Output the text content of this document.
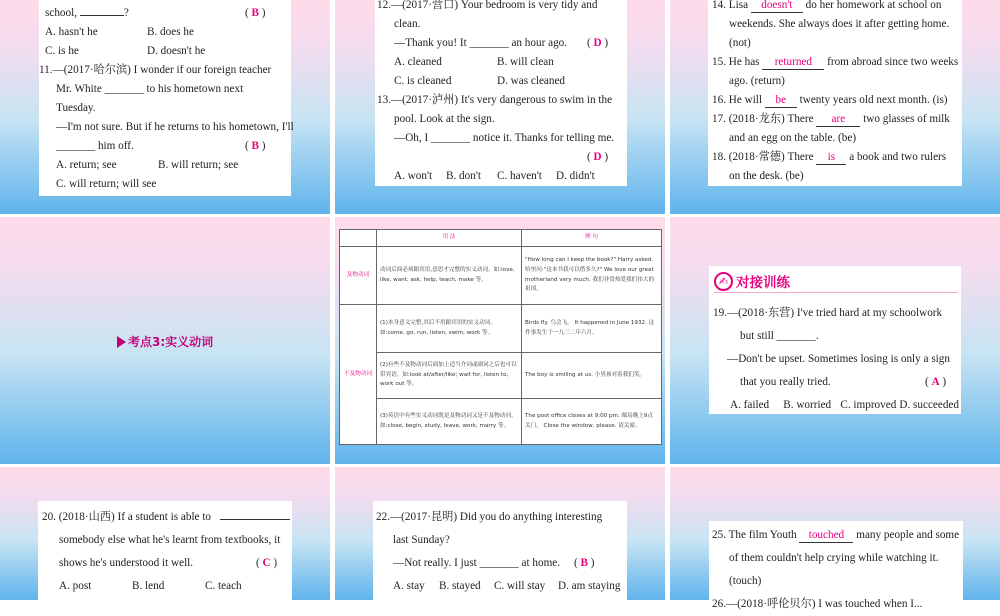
school,	?	( B )

A. hasn't he	B. does he

C. is he	D. doesn't he

11.—(2017·哈尔滨) I wonder if our foreign teacher

Mr. White _______ to his hometown next

Tuesday.

—I'm not sure. But if he returns to his hometown, I'll

_______ him off.	( B )

A. return; see	B. will return; see

C. will return; will see

12.—(2017·营口) Your bedroom is very tidy and

clean.

—Thank you! It _______ an hour ago. ( D )

A. cleaned	B. will clean

C. is cleaned	D. was cleaned

13.—(2017·泸州) It's very dangerous to swim in the

pool. Look at the sign.

—Oh, I _______ notice it. Thanks for telling me.

( D )

A. won't	B. don't	C. haven't	D. didn't

14. Lisa doesn't do her homework at school on

weekends. She always does it after getting home.

(not)

15. He has returned from abroad since two weeks

ago. (return)

16. He will be twenty years old next month. (is)

17. (2018·龙东) There are two glasses of milk

and an egg on the table. (be)

18. (2018·常德) There is a book and two rulers

on the desk. (be)

考点3:实义动词
	用 法	例 句
及物动词	动词后面必须跟宾语,意思才完整的实义动词。如:love, like, want, ask, help, teach, make 等。	"How long can I keep the book?" Harry asked. 哈里问:"这本书我可以借多久?" We love our great motherland very much. 我们非常热爱我们伟大的祖国。
不及物动词	(1)本身意义完整,其后不用跟宾语的实义动词。如:come, go, run, listen, swim, work 等。	Birds fly. 鸟会飞。 It happened in June 1932. 这件事发生于一九三二年六月。
	(2)有些不及物动词后面加上适当介词或副词之后也可以带宾语。如:look at/after/like; wait for, listen to, work out 等。	The boy is smiling at us. 小男孩对着我们笑。
	(3)英语中有些实义动词既是及物动词又是不及物动词。如:close, begin, study, leave, work, marry 等。	The post office closes at 9:00 pm. 邮局晚上9点关门。 Close the window, please. 请关窗。
✍ 对接训练

19.—(2018·东营) I've tried hard at my schoolwork

but still _______.

—Don't be upset. Sometimes losing is only a sign

that you really tried.	( A )

A. failed	B. worried C. improved D. succeeded

20. (2018·山西) If a student is able to

somebody else what he's learnt from textbooks, it

shows he's understood it well.	( C )

A. post	B. lend	C. teach

22.—(2017·昆明) Did you do anything interesting

last Sunday?

—Not really. I just _______ at home. ( B )

A. stay	B. stayed	C. will stay	D. am staying

25. The film Youth touched many people and some

of them couldn't help crying while watching it.

(touch)

26.—(2018·呼伦贝尔) I was touched when I...
